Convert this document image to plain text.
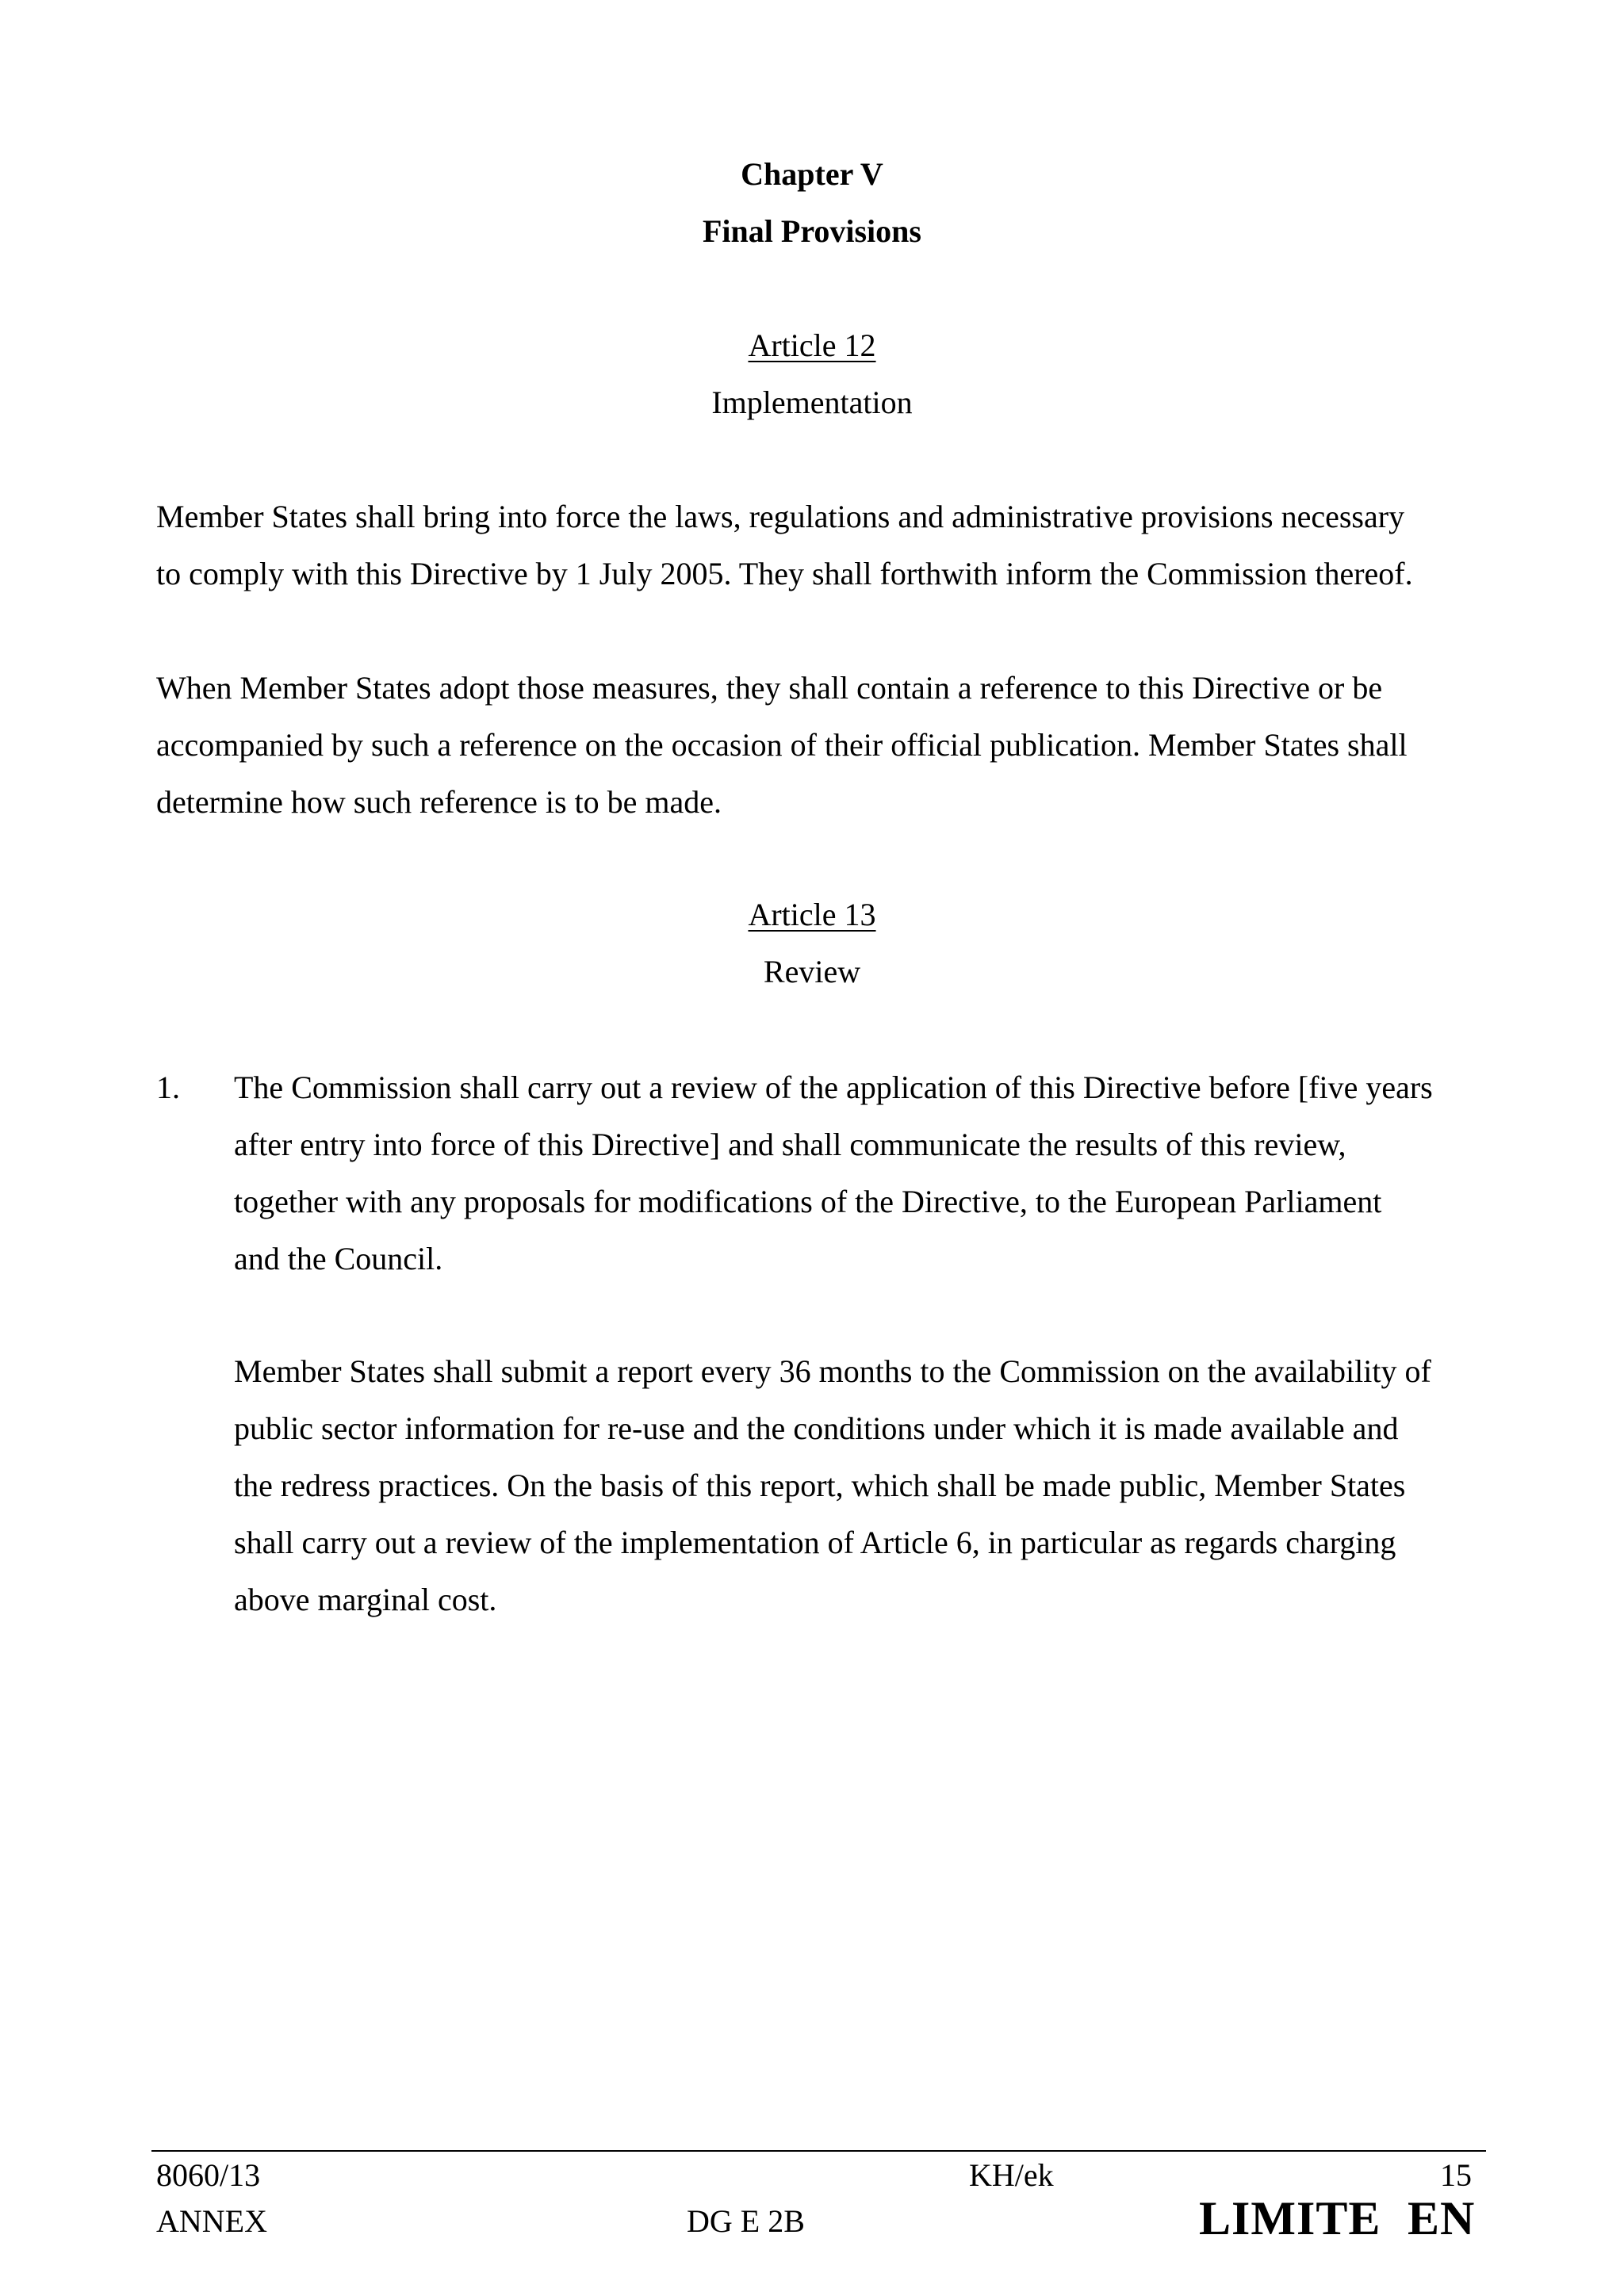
Chapter V
Final Provisions
Article 12
Implementation
Member States shall bring into force the laws, regulations and administrative provisions necessary
to comply with this Directive by 1 July 2005. They shall forthwith inform the Commission thereof.
When Member States adopt those measures, they shall contain a reference to this Directive or be
accompanied by such a reference on the occasion of their official publication. Member States shall
determine how such reference is to be made.
Article 13
Review
1. The Commission shall carry out a review of the application of this Directive before [five years
after entry into force of this Directive] and shall communicate the results of this review,
together with any proposals for modifications of the Directive, to the European Parliament
and the Council.
Member States shall submit a report every 36 months to the Commission on the availability of
public sector information for re-use and the conditions under which it is made available and
the redress practices. On the basis of this report, which shall be made public, Member States
shall carry out a review of the implementation of Article 6, in particular as regards charging
above marginal cost.
8060/13	KH/ek	15
ANNEX	DG E 2B	LIMITE EN
